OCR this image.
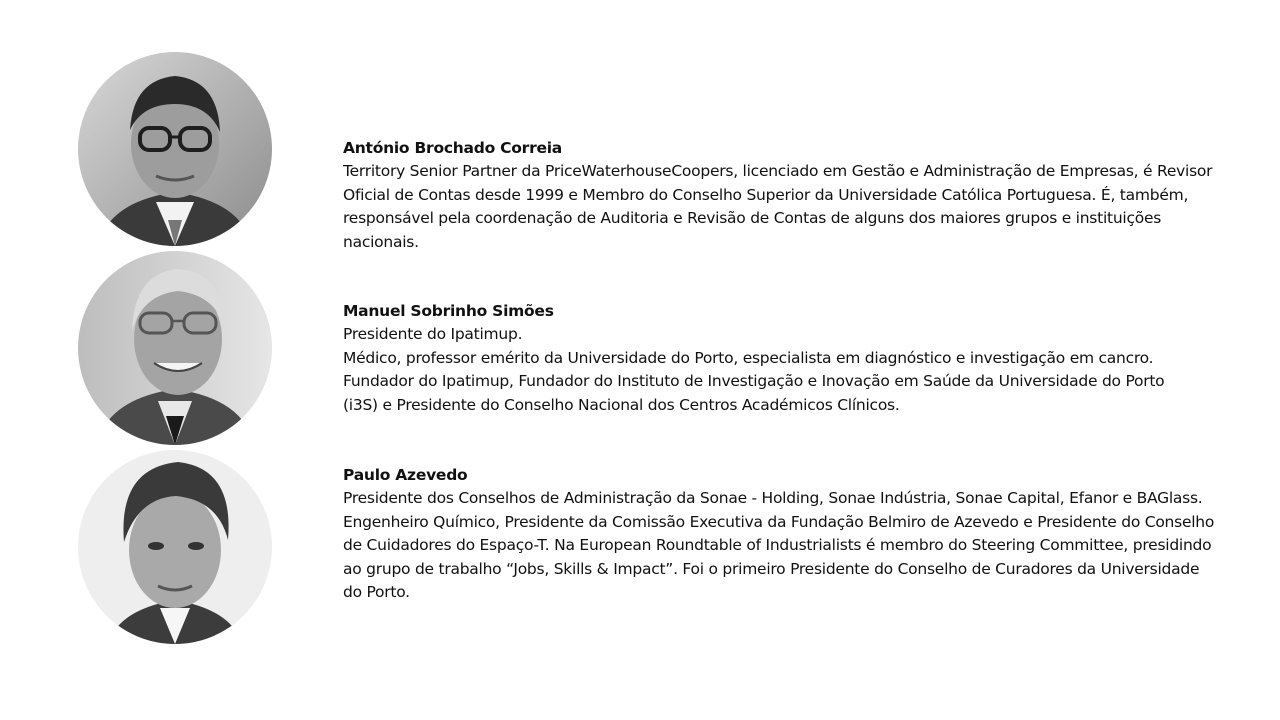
António Brochado Correia
Territory Senior Partner da PriceWaterhouseCoopers, licenciado em Gestão e Administração de Empresas, é Revisor
Oficial de Contas desde 1999 e Membro do Conselho Superior da Universidade Católica Portuguesa. É, também,
responsável pela coordenação de Auditoria e Revisão de Contas de alguns dos maiores grupos e instituições
nacionais.
Manuel Sobrinho Simões
Presidente do Ipatimup.
Médico, professor emérito da Universidade do Porto, especialista em diagnóstico e investigação em cancro.
Fundador do Ipatimup, Fundador do Instituto de Investigação e Inovação em Saúde da Universidade do Porto
(i3S) e Presidente do Conselho Nacional dos Centros Académicos Clínicos.
Paulo Azevedo
Presidente dos Conselhos de Administração da Sonae - Holding, Sonae Indústria, Sonae Capital, Efanor e BAGlass.
Engenheiro Químico, Presidente da Comissão Executiva da Fundação Belmiro de Azevedo e Presidente do Conselho
de Cuidadores do Espaço-T. Na European Roundtable of Industrialists é membro do Steering Committee, presidindo
ao grupo de trabalho “Jobs, Skills & Impact”. Foi o primeiro Presidente do Conselho de Curadores da Universidade
do Porto.
